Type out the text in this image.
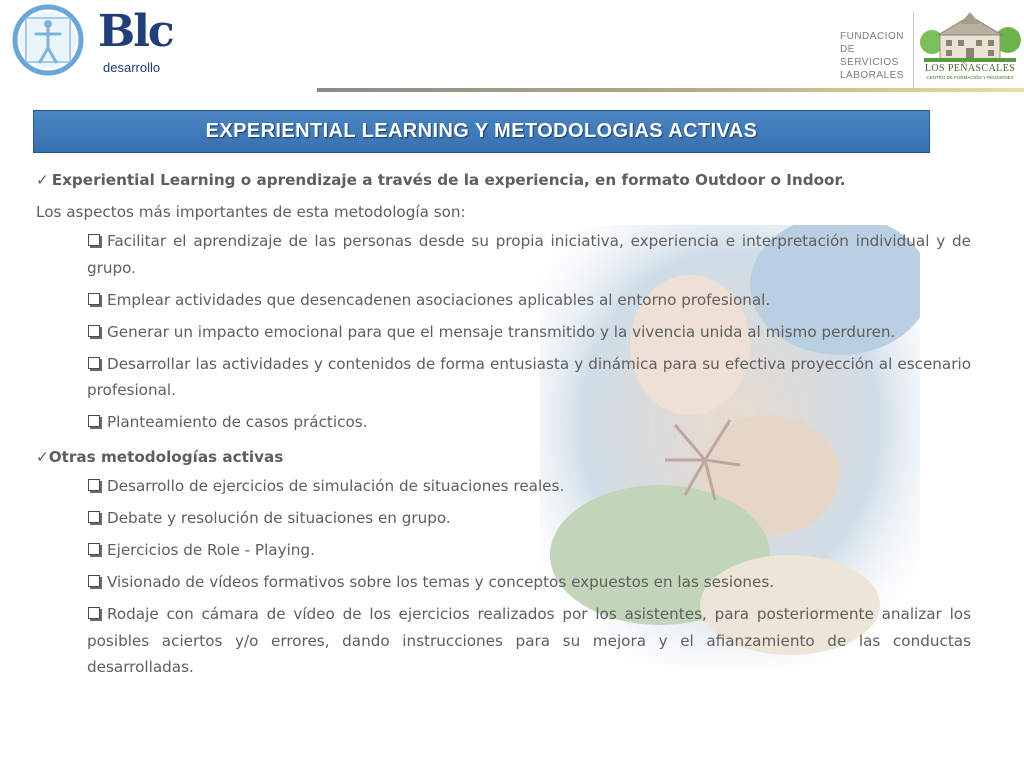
Blc
desarrollo
FUNDACION
DE SERVICIOS
LABORALES
LOS PEÑASCALES
CENTRO DE FORMACIÓN Y REUNIONES
EXPERIENTIAL LEARNING Y METODOLOGIAS ACTIVAS

✓ Experiential Learning o aprendizaje a través de la experiencia, en formato Outdoor o Indoor.

Los aspectos más importantes de esta metodología son:

Facilitar el aprendizaje de las personas desde su propia iniciativa, experiencia e interpretación individual y de grupo.

Emplear actividades que desencadenen asociaciones aplicables al entorno profesional.

Generar un impacto emocional para que el mensaje transmitido y la vivencia unida al mismo perduren.

Desarrollar las actividades y contenidos de forma entusiasta y dinámica para su efectiva proyección al escenario profesional.

Planteamiento de casos prácticos.

✓Otras metodologías activas

Desarrollo de ejercicios de simulación de situaciones reales.

Debate y resolución de situaciones en grupo.

Ejercicios de Role - Playing.

Visionado de vídeos formativos sobre los temas y conceptos expuestos en las sesiones.

Rodaje con cámara de vídeo de los ejercicios realizados por los asistentes, para posteriormente analizar los posibles aciertos y/o errores, dando instrucciones para su mejora y el afianzamiento de las conductas desarrolladas.
